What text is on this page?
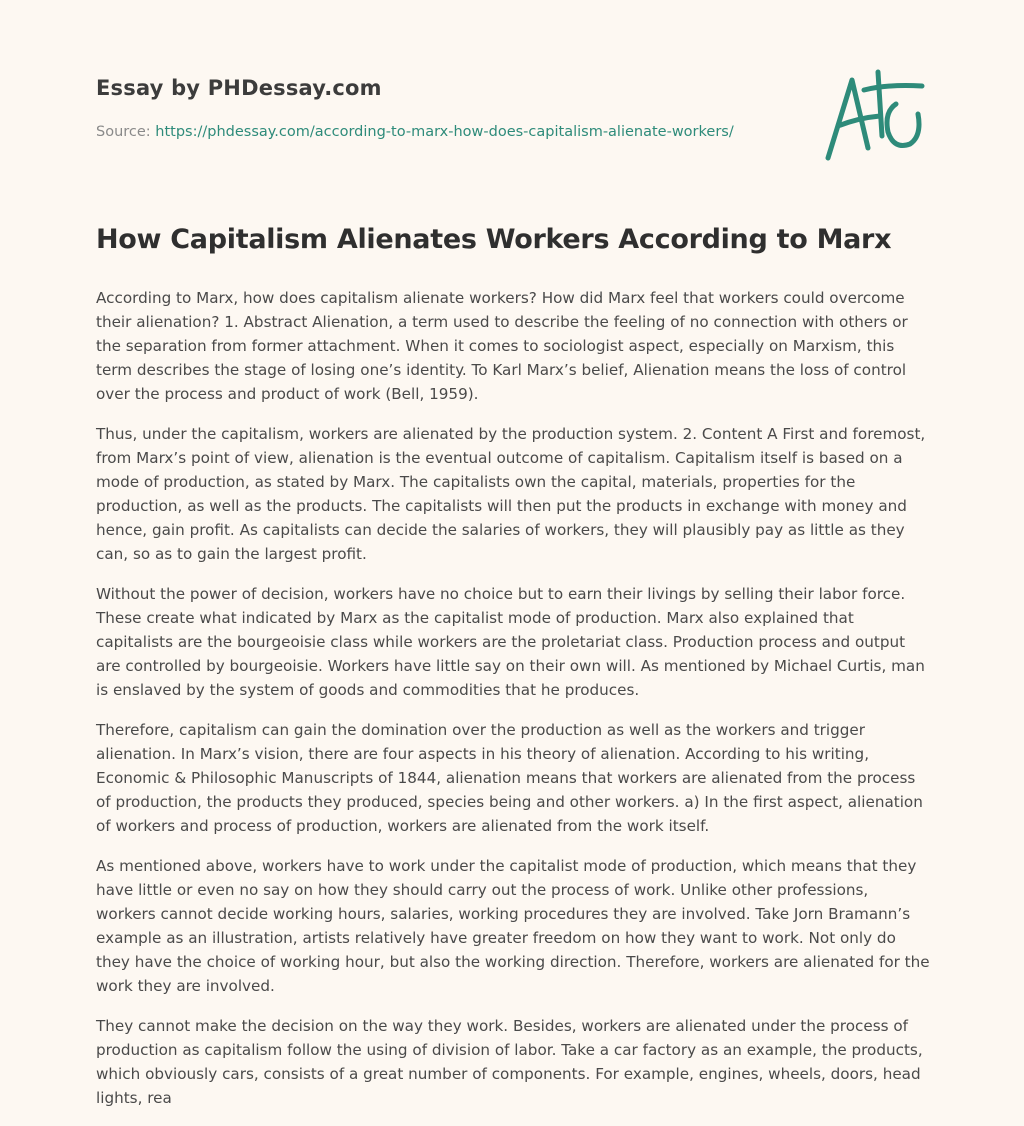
Essay by PHDessay.com
Source: https://phdessay.com/according-to-marx-how-does-capitalism-alienate-workers/
How Capitalism Alienates Workers According to Marx

According to Marx, how does capitalism alienate workers? How did Marx feel that workers could overcome their alienation? 1. Abstract Alienation, a term used to describe the feeling of no connection with others or the separation from former attachment. When it comes to sociologist aspect, especially on Marxism, this term describes the stage of losing one’s identity. To Karl Marx’s belief, Alienation means the loss of control over the process and product of work (Bell, 1959).

Thus, under the capitalism, workers are alienated by the production system. 2. Content A First and foremost, from Marx’s point of view, alienation is the eventual outcome of capitalism. Capitalism itself is based on a mode of production, as stated by Marx. The capitalists own the capital, materials, properties for the production, as well as the products. The capitalists will then put the products in exchange with money and hence, gain profit. As capitalists can decide the salaries of workers, they will plausibly pay as little as they can, so as to gain the largest profit.

Without the power of decision, workers have no choice but to earn their livings by selling their labor force. These create what indicated by Marx as the capitalist mode of production. Marx also explained that capitalists are the bourgeoisie class while workers are the proletariat class. Production process and output are controlled by bourgeoisie. Workers have little say on their own will. As mentioned by Michael Curtis, man is enslaved by the system of goods and commodities that he produces.

Therefore, capitalism can gain the domination over the production as well as the workers and trigger alienation. In Marx’s vision, there are four aspects in his theory of alienation. According to his writing, Economic & Philosophic Manuscripts of 1844, alienation means that workers are alienated from the process of production, the products they produced, species being and other workers. a) In the first aspect, alienation of workers and process of production, workers are alienated from the work itself.

As mentioned above, workers have to work under the capitalist mode of production, which means that they have little or even no say on how they should carry out the process of work. Unlike other professions, workers cannot decide working hours, salaries, working procedures they are involved. Take Jorn Bramann’s example as an illustration, artists relatively have greater freedom on how they want to work. Not only do they have the choice of working hour, but also the working direction. Therefore, workers are alienated for the work they are involved.

They cannot make the decision on the way they work. Besides, workers are alienated under the process of production as capitalism follow the using of division of labor. Take a car factory as an example, the products, which obviously cars, consists of a great number of components. For example, engines, wheels, doors, head lights, rea
